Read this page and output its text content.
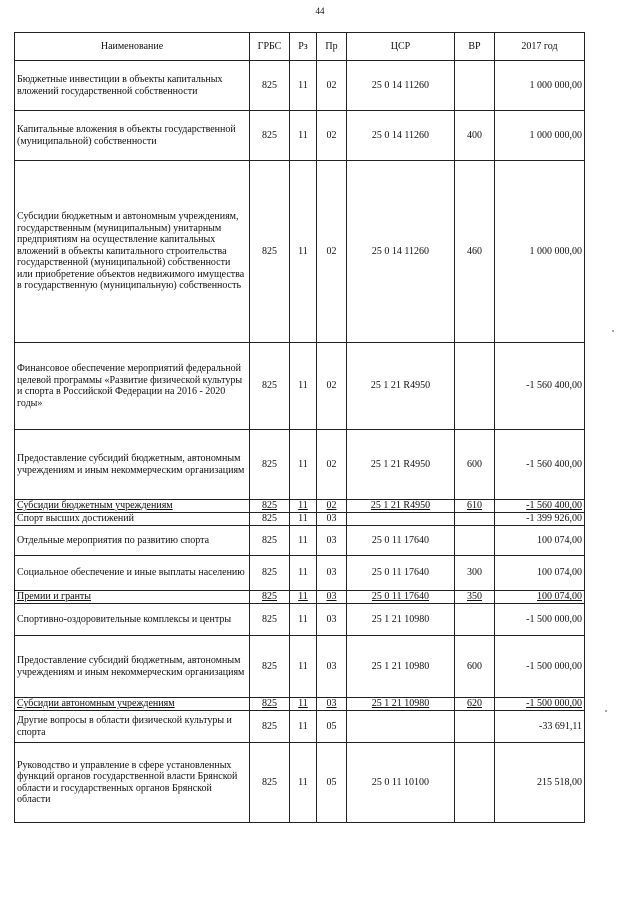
44
Наименование	ГРБС	Рз	Пр	ЦСР	ВР	2017 год
Бюджетные инвестиции в объекты капитальных вложений государственной собственности	825	11	02	25 0 14 11260		1 000 000,00
Капитальные вложения в объекты государственной (муниципальной) собственности	825	11	02	25 0 14 11260	400	1 000 000,00
Субсидии бюджетным и автономным учреждениям, государственным (муниципальным) унитарным предприятиям на осуществление капитальных вложений в объекты капитального строительства государственной (муниципальной) собственности или приобретение объектов недвижимого имущества в государственную (муниципальную) собственность	825	11	02	25 0 14 11260	460	1 000 000,00
Финансовое обеспечение мероприятий федеральной целевой программы «Развитие физической культуры и спорта в Российской Федерации на 2016 - 2020 годы»	825	11	02	25 1 21 R4950		-1 560 400,00
Предоставление субсидий бюджетным, автономным учреждениям и иным некоммерческим организациям	825	11	02	25 1 21 R4950	600	-1 560 400,00
Субсидии бюджетным учреждениям	825	11	02	25 1 21 R4950	610	-1 560 400,00
Спорт высших достижений	825	11	03			-1 399 926,00
Отдельные мероприятия по развитию спорта	825	11	03	25 0 11 17640		100 074,00
Социальное обеспечение и иные выплаты населению	825	11	03	25 0 11 17640	300	100 074,00
Премии и гранты	825	11	03	25 0 11 17640	350	100 074,00
Спортивно-оздоровительные комплексы и центры	825	11	03	25 1 21 10980		-1 500 000,00
Предоставление субсидий бюджетным, автономным учреждениям и иным некоммерческим организациям	825	11	03	25 1 21 10980	600	-1 500 000,00
Субсидии автономным учреждениям	825	11	03	25 1 21 10980	620	-1 500 000,00
Другие вопросы в области физической культуры и спорта	825	11	05			-33 691,11
Руководство и управление в сфере установленных функций органов государственной власти Брянской области и государственных органов Брянской области	825	11	05	25 0 11 10100		215 518,00
